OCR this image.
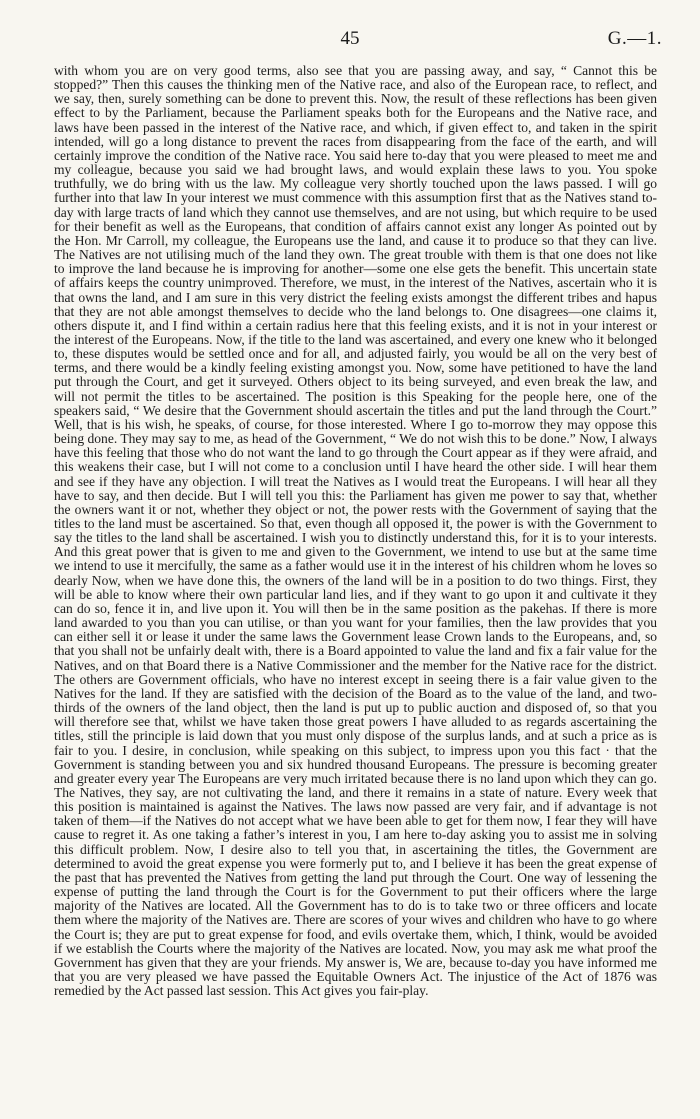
45	G.—1.

with whom you are on very good terms, also see that you are passing away, and say, “ Cannot this be stopped?” Then this causes the thinking men of the Native race, and also of the European race, to reflect, and we say, then, surely something can be done to prevent this. Now, the result of these reflections has been given effect to by the Parliament, because the Parliament speaks both for the Europeans and the Native race, and laws have been passed in the interest of the Native race, and which, if given effect to, and taken in the spirit intended, will go a long distance to prevent the races from disappearing from the face of the earth, and will certainly improve the condition of the Native race. You said here to-day that you were pleased to meet me and my colleague, because you said we had brought laws, and would explain these laws to you. You spoke truthfully, we do bring with us the law. My colleague very shortly touched upon the laws passed. I will go further into that law In your interest we must commence with this assumption first that as the Natives stand to-day with large tracts of land which they cannot use themselves, and are not using, but which require to be used for their benefit as well as the Europeans, that condition of affairs cannot exist any longer As pointed out by the Hon. Mr Carroll, my colleague, the Europeans use the land, and cause it to produce so that they can live. The Natives are not utilising much of the land they own. The great trouble with them is that one does not like to improve the land because he is improving for another—some one else gets the benefit. This uncertain state of affairs keeps the country unimproved. Therefore, we must, in the interest of the Natives, ascertain who it is that owns the land, and I am sure in this very district the feeling exists amongst the different tribes and hapus that they are not able amongst themselves to decide who the land belongs to. One disagrees—one claims it, others dispute it, and I find within a certain radius here that this feeling exists, and it is not in your interest or the interest of the Europeans. Now, if the title to the land was ascertained, and every one knew who it belonged to, these disputes would be settled once and for all, and adjusted fairly, you would be all on the very best of terms, and there would be a kindly feeling existing amongst you. Now, some have petitioned to have the land put through the Court, and get it surveyed. Others object to its being surveyed, and even break the law, and will not permit the titles to be ascertained. The position is this Speaking for the people here, one of the speakers said, “ We desire that the Government should ascertain the titles and put the land through the Court.” Well, that is his wish, he speaks, of course, for those interested. Where I go to-morrow they may oppose this being done. They may say to me, as head of the Government, “ We do not wish this to be done.” Now, I always have this feeling that those who do not want the land to go through the Court appear as if they were afraid, and this weakens their case, but I will not come to a conclusion until I have heard the other side. I will hear them and see if they have any objection. I will treat the Natives as I would treat the Europeans. I will hear all they have to say, and then decide. But I will tell you this: the Parliament has given me power to say that, whether the owners want it or not, whether they object or not, the power rests with the Government of saying that the titles to the land must be ascertained. So that, even though all opposed it, the power is with the Government to say the titles to the land shall be ascertained. I wish you to distinctly understand this, for it is to your interests. And this great power that is given to me and given to the Government, we intend to use but at the same time we intend to use it mercifully, the same as a father would use it in the interest of his children whom he loves so dearly Now, when we have done this, the owners of the land will be in a position to do two things. First, they will be able to know where their own particular land lies, and if they want to go upon it and cultivate it they can do so, fence it in, and live upon it. You will then be in the same position as the pakehas. If there is more land awarded to you than you can utilise, or than you want for your families, then the law provides that you can either sell it or lease it under the same laws the Government lease Crown lands to the Europeans, and, so that you shall not be unfairly dealt with, there is a Board appointed to value the land and fix a fair value for the Natives, and on that Board there is a Native Commissioner and the member for the Native race for the district. The others are Government officials, who have no interest except in seeing there is a fair value given to the Natives for the land. If they are satisfied with the decision of the Board as to the value of the land, and two-thirds of the owners of the land object, then the land is put up to public auction and disposed of, so that you will therefore see that, whilst we have taken those great powers I have alluded to as regards ascertaining the titles, still the principle is laid down that you must only dispose of the surplus lands, and at such a price as is fair to you. I desire, in conclusion, while speaking on this subject, to impress upon you this fact · that the Government is standing between you and six hundred thousand Europeans. The pressure is becoming greater and greater every year The Europeans are very much irritated because there is no land upon which they can go. The Natives, they say, are not cultivating the land, and there it remains in a state of nature. Every week that this position is maintained is against the Natives. The laws now passed are very fair, and if advantage is not taken of them—if the Natives do not accept what we have been able to get for them now, I fear they will have cause to regret it. As one taking a father’s interest in you, I am here to-day asking you to assist me in solving this difficult problem. Now, I desire also to tell you that, in ascertaining the titles, the Government are determined to avoid the great expense you were formerly put to, and I believe it has been the great expense of the past that has prevented the Natives from getting the land put through the Court. One way of lessening the expense of putting the land through the Court is for the Government to put their officers where the large majority of the Natives are located. All the Government has to do is to take two or three officers and locate them where the majority of the Natives are. There are scores of your wives and children who have to go where the Court is; they are put to great expense for food, and evils overtake them, which, I think, would be avoided if we establish the Courts where the majority of the Natives are located. Now, you may ask me what proof the Government has given that they are your friends. My answer is, We are, because to-day you have informed me that you are very pleased we have passed the Equitable Owners Act. The injustice of the Act of 1876 was remedied by the Act passed last session. This Act gives you fair-play.
